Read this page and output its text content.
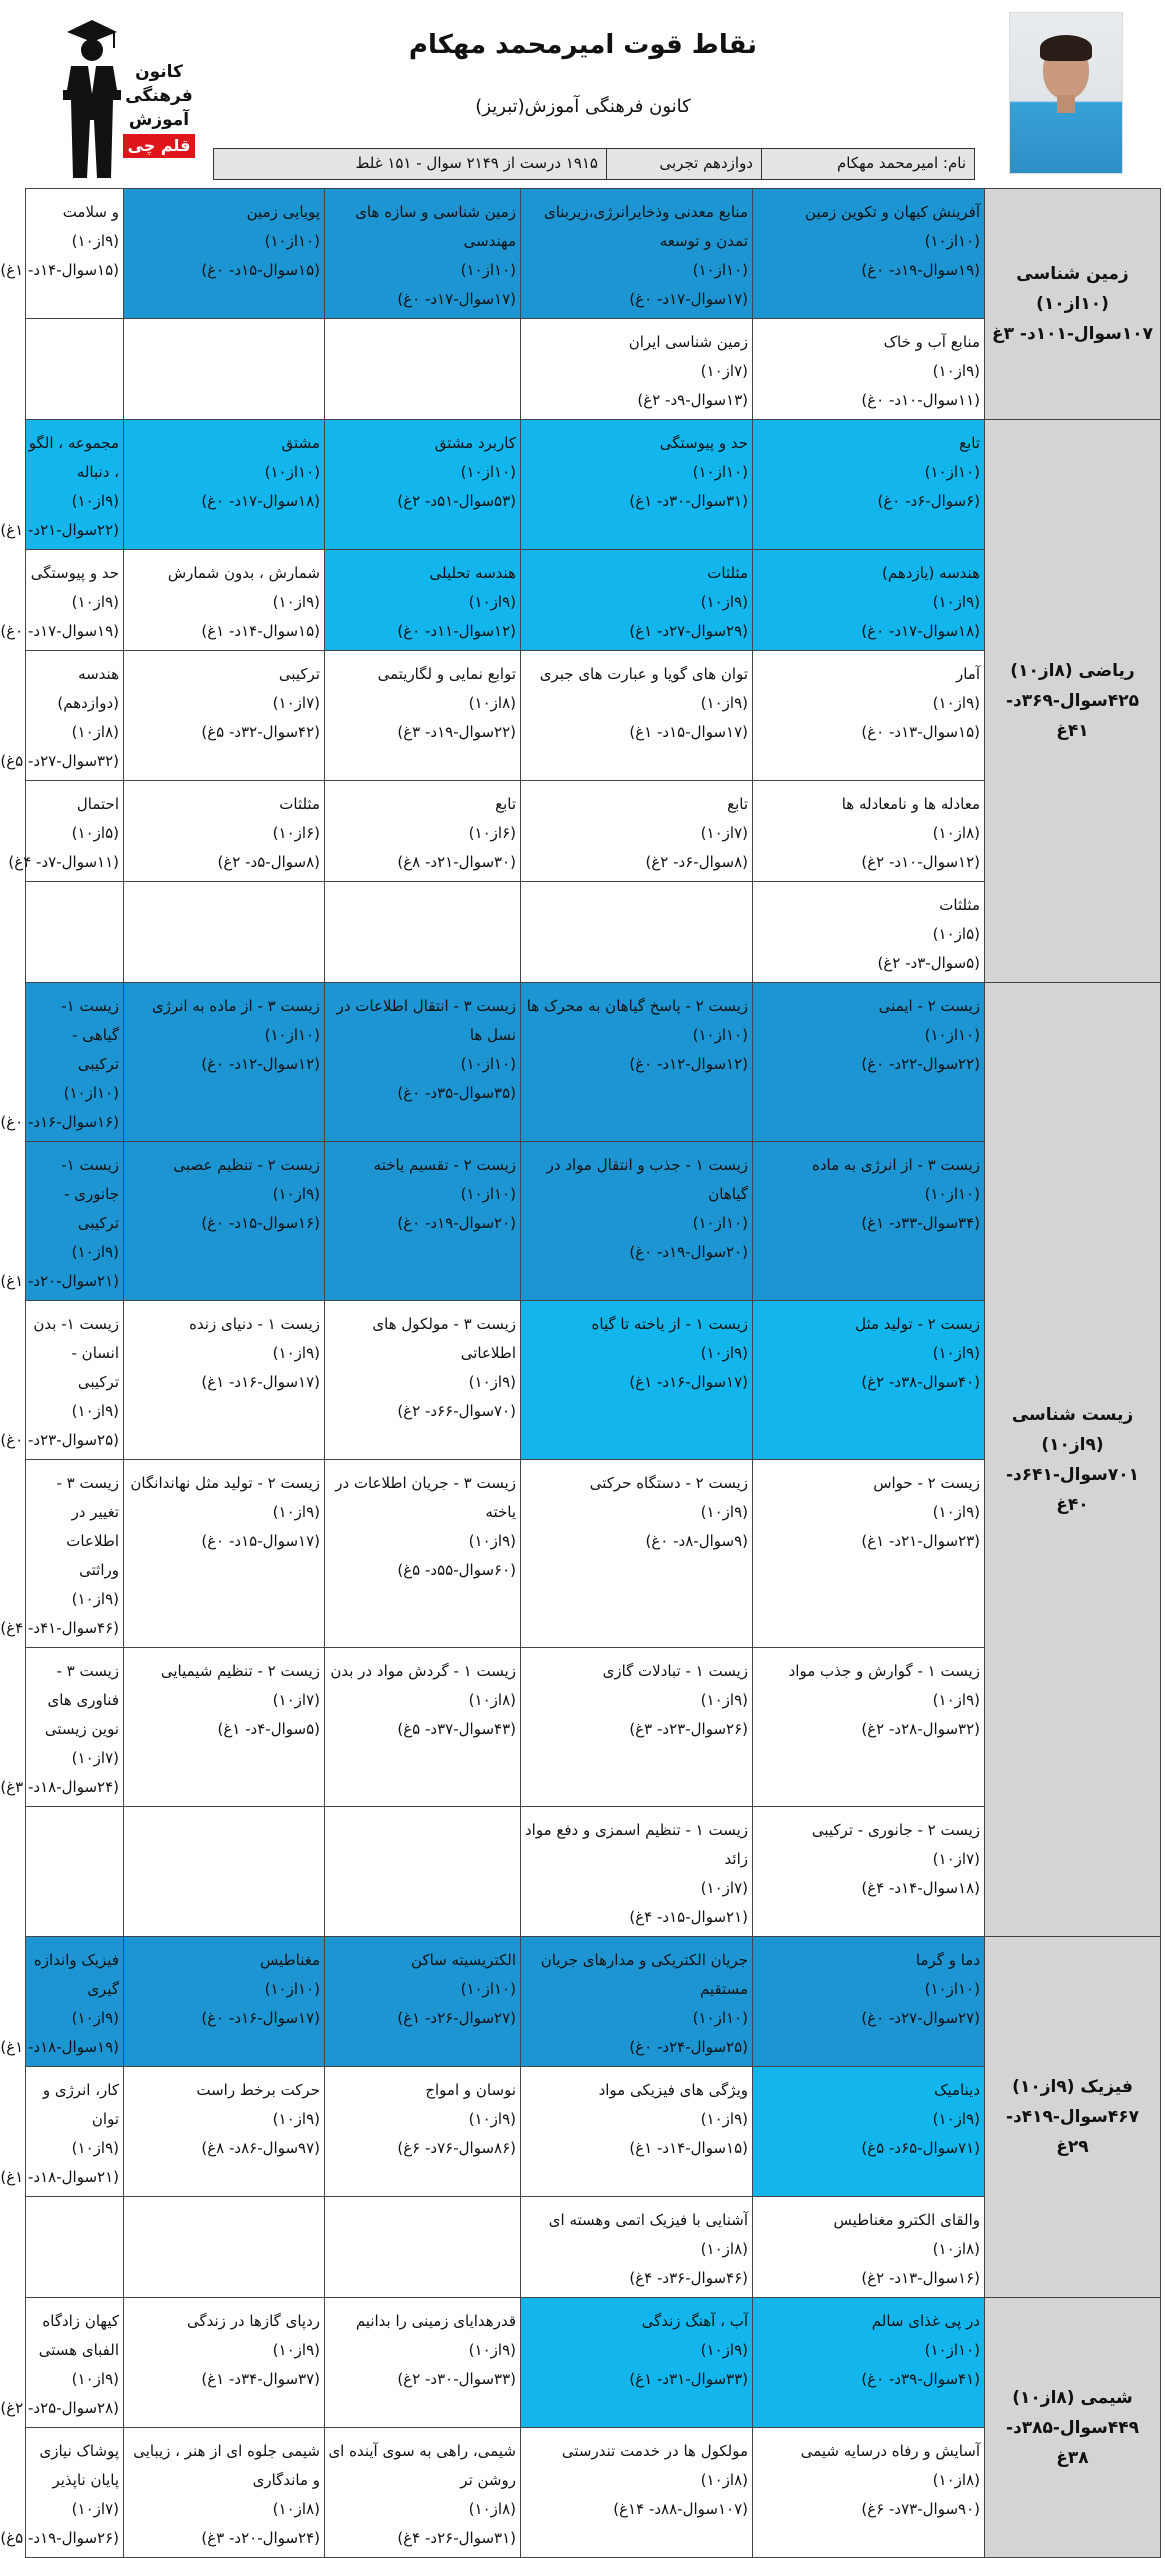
کانون
فرهنگی
آموزش
قلم چی
نقاط قوت امیرمحمد مهکام
کانون فرهنگی آموزش(تبریز)
نام: امیرمحمد مهکام
دوازدهم تجربی
۱۹۱۵ درست از ۲۱۴۹ سوال - ۱۵۱ غلط
زمین شناسی (۱۰از۱۰) ۱۰۷سوال-۱۰۱د- ۳غ	آفرینش کیهان و تکوین زمین
(۱۰از۱۰)
(۱۹سوال-۱۹د- ۰غ)	منابع معدنی وذخایرانرژی،زیربنای تمدن و توسعه
(۱۰از۱۰)
(۱۷سوال-۱۷د- ۰غ)	زمین شناسی و سازه های مهندسی
(۱۰از۱۰)
(۱۷سوال-۱۷د- ۰غ)	پویایی زمین
(۱۰از۱۰)
(۱۵سوال-۱۵د- ۰غ)	و سلامت
(۹از۱۰)
(۱۵سوال-۱۴د- ۱غ)

	منابع آب و خاک
(۹از۱۰)
(۱۱سوال-۱۰د- ۰غ)	زمین شناسی ایران
(۷از۱۰)
(۱۳سوال-۹د- ۲غ)			

ریاضی (۸از۱۰) ۴۲۵سوال-۳۶۹د- ۴۱غ	تابع
(۱۰از۱۰)
(۶سوال-۶د- ۰غ)	حد و پیوستگی
(۱۰از۱۰)
(۳۱سوال-۳۰د- ۱غ)	کاربرد مشتق
(۱۰از۱۰)
(۵۳سوال-۵۱د- ۲غ)	مشتق
(۱۰از۱۰)
(۱۸سوال-۱۷د- ۰غ)	مجموعه ، الگو ، دنباله
(۹از۱۰)
(۲۲سوال-۲۱د- ۱غ)

	هندسه (یازدهم)
(۹از۱۰)
(۱۸سوال-۱۷د- ۰غ)	مثلثات
(۹از۱۰)
(۲۹سوال-۲۷د- ۱غ)	هندسه تحلیلی
(۹از۱۰)
(۱۲سوال-۱۱د- ۰غ)	شمارش ، بدون شمارش
(۹از۱۰)
(۱۵سوال-۱۴د- ۱غ)	حد و پیوستگی
(۹از۱۰)
(۱۹سوال-۱۷د- ۰غ)

	آمار
(۹از۱۰)
(۱۵سوال-۱۳د- ۰غ)	توان های گویا و عبارت های جبری
(۹از۱۰)
(۱۷سوال-۱۵د- ۱غ)	توابع نمایی و لگاریتمی
(۸از۱۰)
(۲۲سوال-۱۹د- ۳غ)	ترکیبی
(۷از۱۰)
(۴۲سوال-۳۲د- ۵غ)	هندسه (دوازدهم)
(۸از۱۰)
(۳۲سوال-۲۷د- ۵غ)

	معادله ها و نامعادله ها
(۸از۱۰)
(۱۲سوال-۱۰د- ۲غ)	تابع
(۷از۱۰)
(۸سوال-۶د- ۲غ)	تابع
(۶از۱۰)
(۳۰سوال-۲۱د- ۸غ)	مثلثات
(۶از۱۰)
(۸سوال-۵د- ۲غ)	احتمال
(۵از۱۰)
(۱۱سوال-۷د- ۴غ)

	مثلثات
(۵از۱۰)
(۵سوال-۳د- ۲غ)				

زیست شناسی (۹از۱۰) ۷۰۱سوال-۶۴۱د- ۴۰غ	زیست ۲ - ایمنی
(۱۰از۱۰)
(۲۲سوال-۲۲د- ۰غ)	زیست ۲ - پاسخ گیاهان به محرک ها
(۱۰از۱۰)
(۱۲سوال-۱۲د- ۰غ)	زیست ۳ - انتقال اطلاعات در نسل ها
(۱۰از۱۰)
(۳۵سوال-۳۵د- ۰غ)	زیست ۳ - از ماده به انرژی
(۱۰از۱۰)
(۱۲سوال-۱۲د- ۰غ)	زیست ۱- گیاهی - ترکیبی
(۱۰از۱۰)
(۱۶سوال-۱۶د- ۰غ)

	زیست ۳ - از انرژی به ماده
(۱۰از۱۰)
(۳۴سوال-۳۳د- ۱غ)	زیست ۱ - جذب و انتقال مواد در گیاهان
(۱۰از۱۰)
(۲۰سوال-۱۹د- ۰غ)	زیست ۲ - تقسیم یاخته
(۱۰از۱۰)
(۲۰سوال-۱۹د- ۰غ)	زیست ۲ - تنظیم عصبی
(۹از۱۰)
(۱۶سوال-۱۵د- ۰غ)	زیست ۱- جانوری - ترکیبی
(۹از۱۰)
(۲۱سوال-۲۰د- ۱غ)

	زیست ۲ - تولید مثل
(۹از۱۰)
(۴۰سوال-۳۸د- ۲غ)	زیست ۱ - از یاخته تا گیاه
(۹از۱۰)
(۱۷سوال-۱۶د- ۱غ)	زیست ۳ - مولکول های اطلاعاتی
(۹از۱۰)
(۷۰سوال-۶۶د- ۲غ)	زیست ۱ - دنیای زنده
(۹از۱۰)
(۱۷سوال-۱۶د- ۱غ)	زیست ۱- بدن انسان - ترکیبی
(۹از۱۰)
(۲۵سوال-۲۳د- ۰غ)

	زیست ۲ - حواس
(۹از۱۰)
(۲۳سوال-۲۱د- ۱غ)	زیست ۲ - دستگاه حرکتی
(۹از۱۰)
(۹سوال-۸د- ۰غ)	زیست ۳ - جریان اطلاعات در یاخته
(۹از۱۰)
(۶۰سوال-۵۵د- ۵غ)	زیست ۲ - تولید مثل نهاندانگان
(۹از۱۰)
(۱۷سوال-۱۵د- ۰غ)	زیست ۳ - تغییر در اطلاعات وراثتی
(۹از۱۰)
(۴۶سوال-۴۱د- ۴غ)

	زیست ۱ - گوارش و جذب مواد
(۹از۱۰)
(۳۲سوال-۲۸د- ۲غ)	زیست ۱ - تبادلات گازی
(۹از۱۰)
(۲۶سوال-۲۳د- ۳غ)	زیست ۱ - گردش مواد در بدن
(۸از۱۰)
(۴۳سوال-۳۷د- ۵غ)	زیست ۲ - تنظیم شیمیایی
(۷از۱۰)
(۵سوال-۴د- ۱غ)	زیست ۳ - فناوری های نوین زیستی
(۷از۱۰)
(۲۴سوال-۱۸د- ۳غ)

	زیست ۲ - جانوری - ترکیبی
(۷از۱۰)
(۱۸سوال-۱۴د- ۴غ)	زیست ۱ - تنظیم اسمزی و دفع مواد زائد
(۷از۱۰)
(۲۱سوال-۱۵د- ۴غ)			

فیزیک (۹از۱۰) ۴۶۷سوال-۴۱۹د- ۲۹غ	دما و گرما
(۱۰از۱۰)
(۲۷سوال-۲۷د- ۰غ)	جریان الکتریکی و مدارهای جریان مستقیم
(۱۰از۱۰)
(۲۵سوال-۲۴د- ۰غ)	الکتریسیته ساکن
(۱۰از۱۰)
(۲۷سوال-۲۶د- ۱غ)	مغناطیس
(۱۰از۱۰)
(۱۷سوال-۱۶د- ۰غ)	فیزیک واندازه گیری
(۹از۱۰)
(۱۹سوال-۱۸د- ۱غ)

	دینامیک
(۹از۱۰)
(۷۱سوال-۶۵د- ۵غ)	ویژگی های فیزیکی مواد
(۹از۱۰)
(۱۵سوال-۱۴د- ۱غ)	نوسان و امواج
(۹از۱۰)
(۸۶سوال-۷۶د- ۶غ)	حرکت برخط راست
(۹از۱۰)
(۹۷سوال-۸۶د- ۸غ)	کار، انرژی و توان
(۹از۱۰)
(۲۱سوال-۱۸د- ۱غ)

	والقای الکترو مغناطیس
(۸از۱۰)
(۱۶سوال-۱۳د- ۲غ)	آشنایی با فیزیک اتمی وهسته ای
(۸از۱۰)
(۴۶سوال-۳۶د- ۴غ)			

شیمی (۸از۱۰) ۴۴۹سوال-۳۸۵د- ۳۸غ	در پی غذای سالم
(۱۰از۱۰)
(۴۱سوال-۳۹د- ۰غ)	آب ، آهنگ زندگی
(۹از۱۰)
(۳۳سوال-۳۱د- ۱غ)	قدرهدایای زمینی را بدانیم
(۹از۱۰)
(۳۳سوال-۳۰د- ۲غ)	ردپای گازها در زندگی
(۹از۱۰)
(۳۷سوال-۳۴د- ۱غ)	کیهان زادگاه الفبای هستی
(۹از۱۰)
(۲۸سوال-۲۵د- ۲غ)

	آسایش و رفاه درسایه شیمی
(۸از۱۰)
(۹۰سوال-۷۳د- ۶غ)	مولکول ها در خدمت تندرستی
(۸از۱۰)
(۱۰۷سوال-۸۸د- ۱۴غ)	شیمی، راهی به سوی آینده ای روشن تر
(۸از۱۰)
(۳۱سوال-۲۶د- ۴غ)	شیمی جلوه ای از هنر ، زیبایی و ماندگاری
(۸از۱۰)
(۲۴سوال-۲۰د- ۳غ)	پوشاک نیازی پایان ناپذیر
(۷از۱۰)
(۲۶سوال-۱۹د- ۵غ)
